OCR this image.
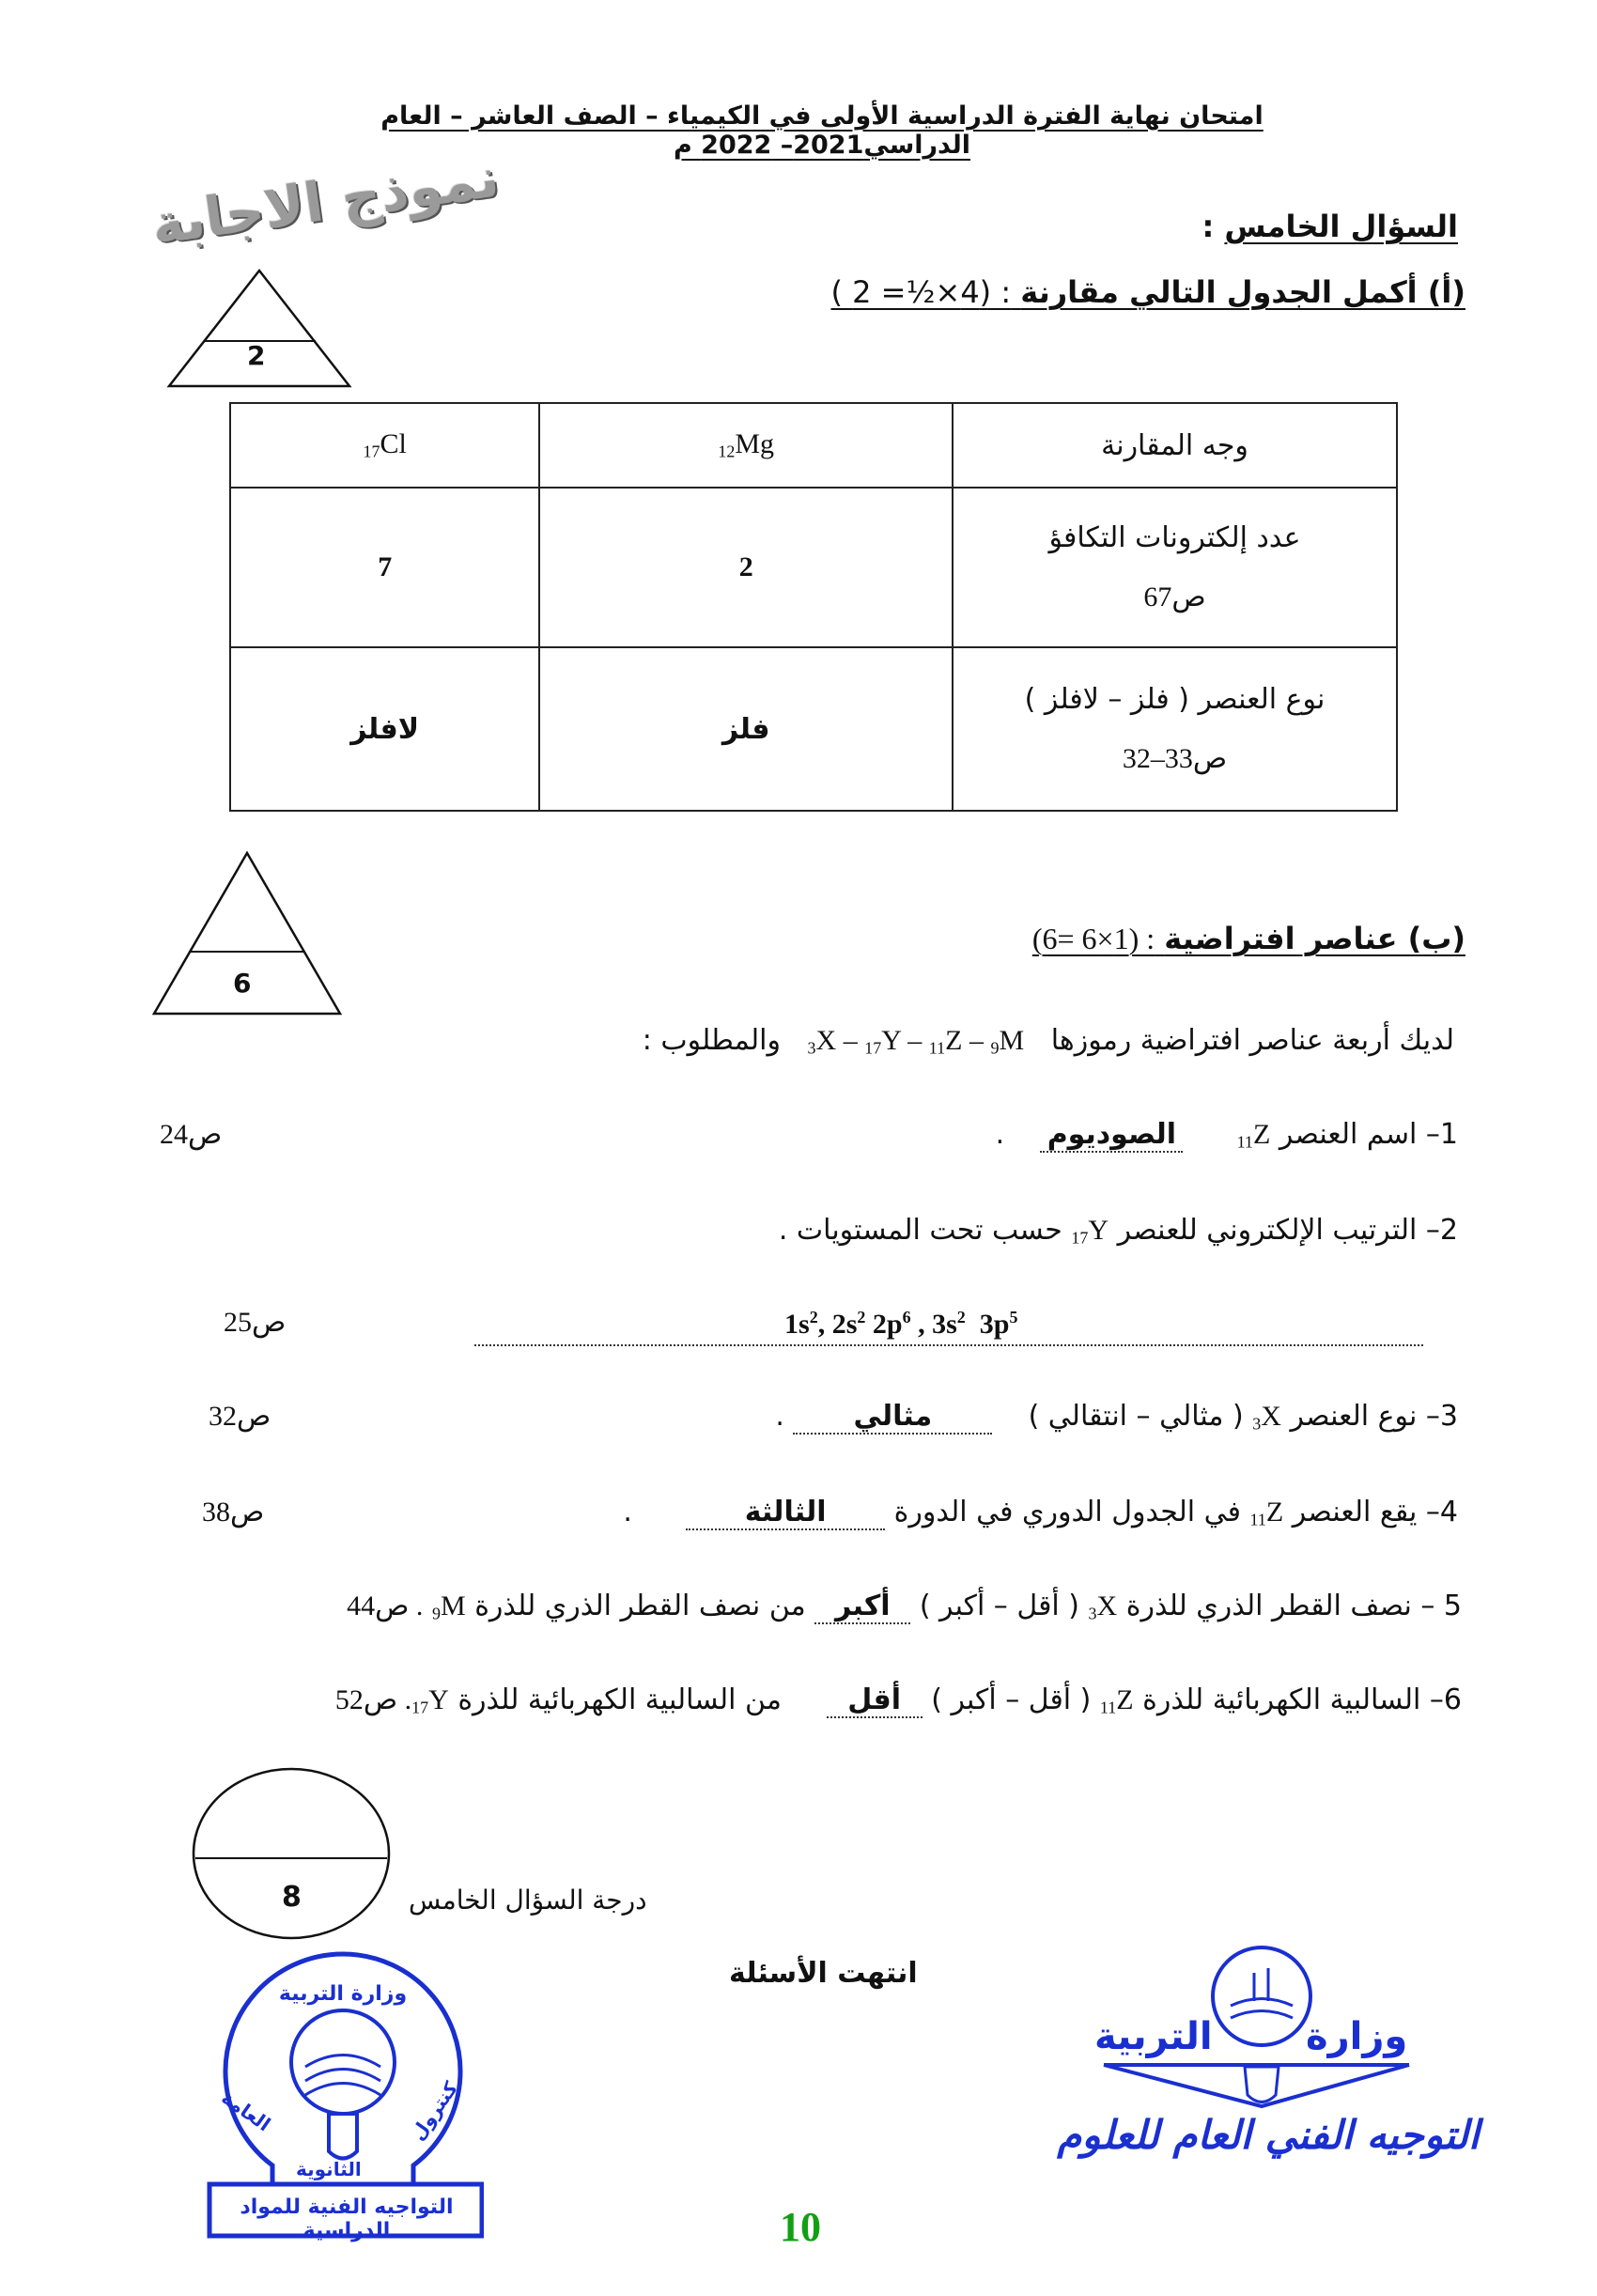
امتحان نهاية الفترة الدراسية الأولى في الكيمياء – الصف العاشر – العام الدراسي2021– 2022 م
نموذج الاجابة	السؤال الخامس :
(أ) أكمل الجدول التالي مقارنة : (4×½= 2 )
2
وجه المقارنة	$_{12}$Mg	$_{17}$Cl
عدد إلكترونات التكافؤ
ص67	2	7
نوع العنصر ( فلز – لافلز )
ص33–32	فلز	لافلز
6
(ب) عناصر افتراضية : (1×6 =6)
لديك أربعة عناصر افتراضية رموزها   $_3$X – $_{17}$Y – $_{11}$Z – $_9$M   والمطلوب :
1– اسم العنصر $_{11}$Z      الصوديوم    .
ص24
2– الترتيب الإلكتروني للعنصر $_{17}$Y حسب تحت المستويات .
$1s^2$, $2s^2$ $2p^6$ , $3s^2$  $3p^5$
ص25
3– نوع العنصر $_3$X ( مثالي – انتقالي )    مثالي .
ص32
4– يقع العنصر $_{11}$Z في الجدول الدوري في الدورة الثالثة      .
ص38
5 – نصف القطر الذري للذرة $_3$X ( أقل – أكبر ) أكبر من نصف القطر الذري للذرة $_9$M . ص44
6– السالبية الكهربائية للذرة $_{11}$Z ( أقل – أكبر ) أقل     من السالبية الكهربائية للذرة $_{17}$Y. ص52
8	درجة السؤال الخامس
انتهت الأسئلة
وزارة التربية
العامة	كنترول
الثانوية
التواجيه الفنية للمواد الدراسية
وزارة
التربية
التوجيه الفني العام للعلوم
10
